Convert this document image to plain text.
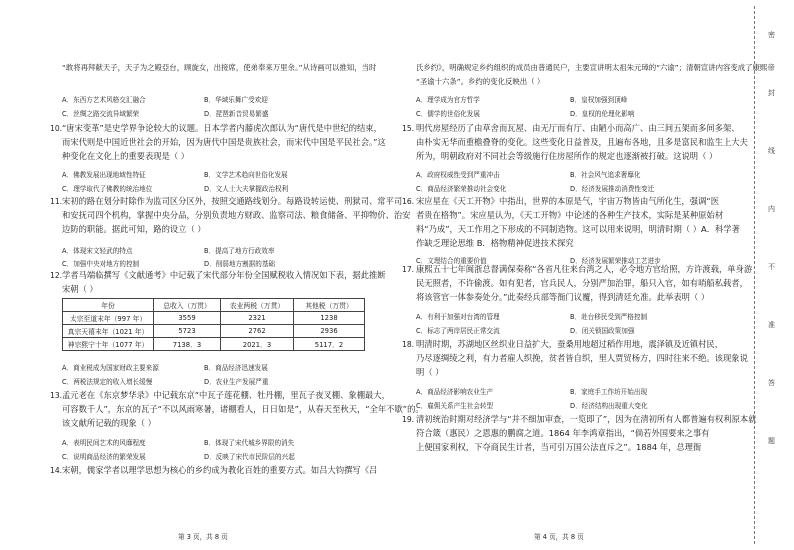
“敢将再拜献天子，天子为之殿亞台，顾旋女，出接席，使弟奉来万里余。”从诗画可以推知，当时
A．东西方艺术风格交汇融合	B．华域乐舞广受欢迎
C．丝绸之路交流异域繁荣	D．琵琶新音贸易繁盛
10. “唐宋变革”是史学界争论较大的议题。日本学者内藤虎次郎认为“唐代是中世纪的结束，
而宋代则是中国近世社会的开始，因为唐代中国是贵族社会，而宋代中国是平民社会。”这
种变化在文化上的重要表现是（ ）
A．佛教发展出现地域性特征	B．文学艺术趋向世俗化发展
C．理学取代了佛教的统治地位	D．文人士大夫掌握政治权利
11. 宋初的路在划分时除作为监司区分区外，按照交通路线划分。每路设转运使、刑狱司、常平司
和安抚司四个机构，掌握中央分品，分别负责地方财政、监察司法、粮食储备、平抑物价、治安
边防的职能。据此可知，路的设立（ ）
A．体现宋文轻武的特点	B．提高了地方行政效率
C．加强中央对地方的控制	D．削弱地方割据的基础
12. 学者马端临撰写《文献通考》中记载了宋代部分年份全国赋税收入情况如下表，据此推断
宋朝（ ）
年份	总收入（万贯）	农业两税（万贯）	其他税（万贯）
太宗至道末年（997 年）	3559	2321	1238
真宗天禧末年（1021 年）	5723	2762	2936
神宗熙宁十年（1077 年）	7138．3	2021．3	5117．2
A．商业税成为国家财政主要来源	B．商品经济迅速发展
C．两税法规定的收入增长缓慢	D．农业生产发展严重
13. 孟元老在《东京梦华录》中记载东京“中瓦子莲花棚、牡丹棚，里瓦子夜叉棚、象棚最大，
可容数千人”，东京的瓦子“不以风雨寒暑，诸棚看人，日日如是”，从春天至秋天，“全年不歇”的。
该文献所记载的现象（ ）
A．表明民间艺术的风靡程度	B．体现了宋代城乡界限的消失
C．说明商品经济的繁荣发展	D．反映了宋代市民阶层的兴起
14. 宋朝，儒家学者以理学思想为核心的乡约成为教化百姓的重要方式。如吕大钧撰写《吕
第 3 页，共 8 页
氏乡约》，明确规定乡约组织的成员由普通民户，主要宣讲明太祖朱元璋的“六谕”；清朝宣讲内容变成了康熙帝
“圣谕十六条”。乡约的变化反映出（ ）
A．理学成为官方哲学	B．皇权加强到顶峰
C．儒学的世俗化发展	D．皇权的伦理化影响
15. 明代房屋经历了由草舍而瓦屋、由无厅而有厅、由陋小而高广、由三间五架而多间多架、
由朴实无华而重檐叠脊的变化。这些变化日益普及，且遍布各地，且多是富民和监生上大夫
所为，明朝政府对不同社会等级施行住房屋所作的规定也逐渐被打破。这说明（ ）
A．政府权威性受到严重冲击	B．社会风气追求奢靡化
C．商品经济繁荣推动社会变化	D．经济发展推动消费性变迁
16. 宋应星在《天工开物》中指出，世界的本原是气，宇宙万物皆由气所化生，强调“医
者贵在格物”。宋应星认为，《天工开物》中论述的各种生产技术，实际是某种原始材
料“乃成”，天工作用之下形成的不同制造物。这可以用来说明，明清时期（ ）A．科学著
作缺乏理论思维 B．格物精神促进技术探究
C．文理结合的重要价值	D．经济发展繁荣推动工艺进步
17. 康熙五十七年闽浙总督满保奏称“各省凡往来台湾之人，必令地方官给照，方许渡载，单身游
民无照者，不许偷渡。如有犯者，官兵民人，分别严加治罪，船只入官，如有哨船私载者，
将该管官一体参奏处分。”此奏经兵部等衙门议覆，得到清廷允准。此举表明（ ）
A．有利于加强对台湾的管理	B．赴台移民受到严格控制
C．标志了两岸居民正常交流	D．闭关锁国政策加强
18. 明清时期，苏湖地区丝织业日益扩大，蚕桑用地超过稻作用地，震泽镇及近镇村民，
乃尽逐绸绫之利，有力者雇人织挽，贫者皆自织，里人贾贸杨方，四时往来不绝。该现象说
明（ ）
A．商品经济影响农业生产	B．家庭手工作坊开始出现
C．雇佣关系产生社会转型	D．经济结构出现重大变化
19. 清初统治时期对经济学与“并不细加审查，一览即了”，因为在清初所有人都普遍有权利原本就
符合箴（惠民）之恩惠的鹏腐之道。1864 年李鸿章指出，“倘若外国要来之事有
上便国家利权，下夺商民生计者，当可引万国公法直斥之”。1884 年，总理衙
第 4 页，共 8 页
密
封
线
内
不
准
答
题
